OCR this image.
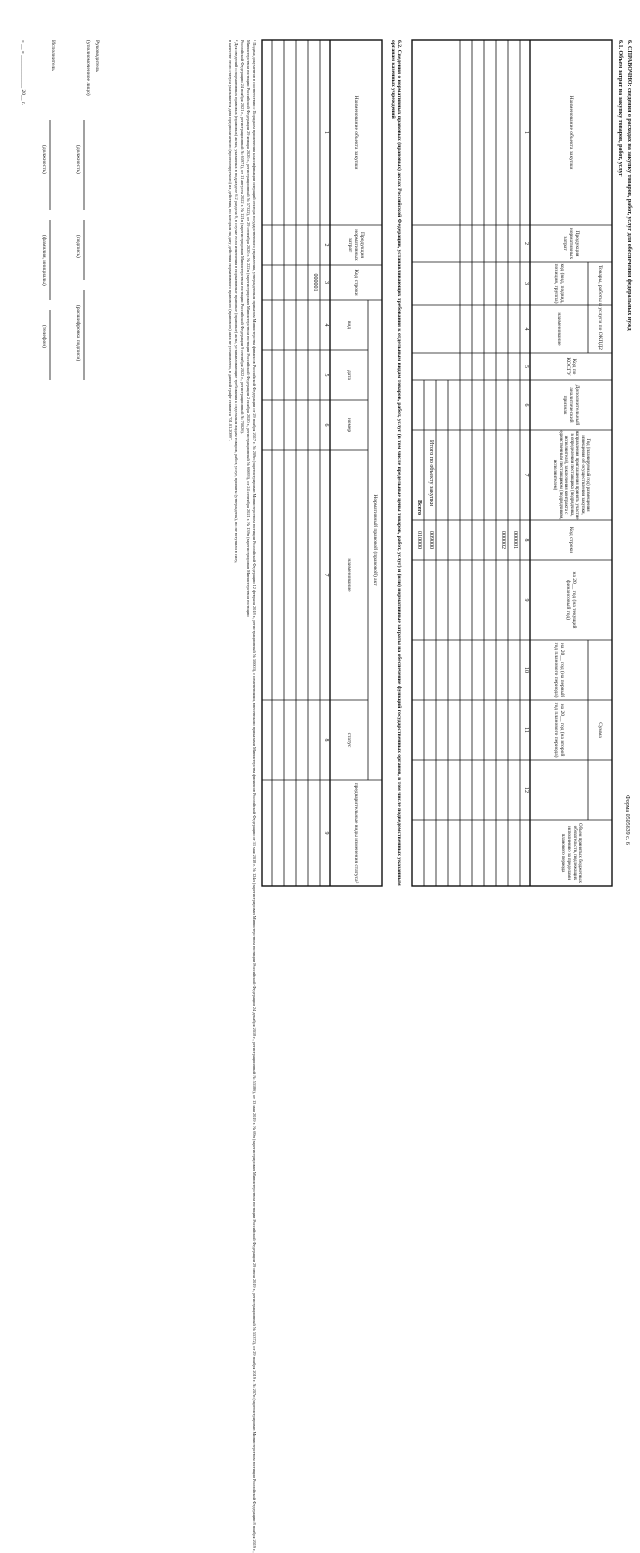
Форма 0505639 с. 6
6. СПРАВОЧНО: сведения о расходах на закупку товаров, работ, услуг для обеспечения федеральных нужд
6.1. Объем затрат на закупку товаров, работ, услуг
Наименование объекта закупки
Продукция нормативных затрат
Товары, работы и услуги по ОКПД2
код (вид, подвид, позиция, группа)
наименование
Код по КОСГУ
Дополнительный аналитический признак
Год (планируемый год) размещения извещения об осуществлении закупки, направления приглашения принять участие в определении поставщика (подрядчика, исполнителя), заключения контракта с единственным поставщиком (подрядчиком, исполнителем)
Код строки
на 20__ год (на текущий финансовый год)
Сумма
на 20__ год (на первый год планового периода)
на 20__ год (на второй год планового периода)
Объем принятых бюджетных обязательств, подлежащих исполнению за пределами планового периода
1
2
3
4
5
6
7
8
9
10
11
12
000001
000002
Итого по объекту закупки
009000
Всего
010000
6.2. Сведения о нормативных правовых (правовых) актах Российской Федерации, устанавливающих требования к отдельным видам товаров, работ, услуг (в том числе предельные цены товаров, работ, услуг) и (или) нормативные затраты на обеспечение функций государственных органов, в том числе подведомственных указанным органам казенных учреждений
Наименование объекта закупки
Продукция нормативных затрат
Код строки
Нормативный правовой (правовой) акт
вид
дата
номер
наименование
статус
предварительные виды изменения статуса²
1
2
3
4
5
6
7
8
9
000001
¹ Подача документов в соответствии с Порядком применения классификации операций сектора государственного управления, утвержденным приказом Министерства финансов Российской Федерации от 29 ноября 2017 г. № 209н (зарегистрирован Министерством юстиции Российской Федерации 12 февраля 2018 г., регистрационный № 50003), с изменениями, внесенными приказами Министерства финансов Российской Федерации от 31 мая 2018 г. № 124н (зарегистрирован Министерством юстиции Российской Федерации 24 декабря 2018 г., регистрационный № 53186), от 13 мая 2019 г. № 69н (зарегистрирован Министерством юстиции Российской Федерации 29 июля 2019 г., регистрационный № 55372), от 29 ноября 2019 г. № 207н (зарегистрирован Министерством юстиции Российской Федерации 8 ноября 2019 г.,
Министерством юстиции Российской Федерации 29 января 2020 г., регистрационный № 57322), от 29 сентября 2020 г. № 222н (зарегистрирован Министерством юстиции Российской Федерации 2 ноября 2020 г., регистрационный № 60693), от 24 сентября 2021 г. № 139н (зарегистрирован Министерством юстиции
Российской Федерации 24 ноября 2021 г., регистрационный № 65971), от 11 августа 2022 г. № 121н (зарегистрирован Министерством юстиции Российской Федерации 9 сентября 2022 г., регистрационный № 70026).
² Для сведений о нормативных правовых (правовых) актах, указанных в подразделе 6.2 раздела 6, в случае если изменения в нормативные правовые (правовые) акты, устанавливающие требования к отдельным видам товаров, работ, услуг, приняты (утверждены), но не вступили в силу,
в качестве этого статуса указывается дата предполагаемого (прогнозируемого) их действия, по которым на дату действия нормативного правового (правового) акта не установлено, в данной графе ставится "01.01.2099".
Руководитель
(уполномоченное лицо)
(должность)
(подпись)
(расшифровка подписи)
Исполнитель
(должность)
(фамилия, инициалы)
(телефон)
« __ » ____________ 20__ г.
